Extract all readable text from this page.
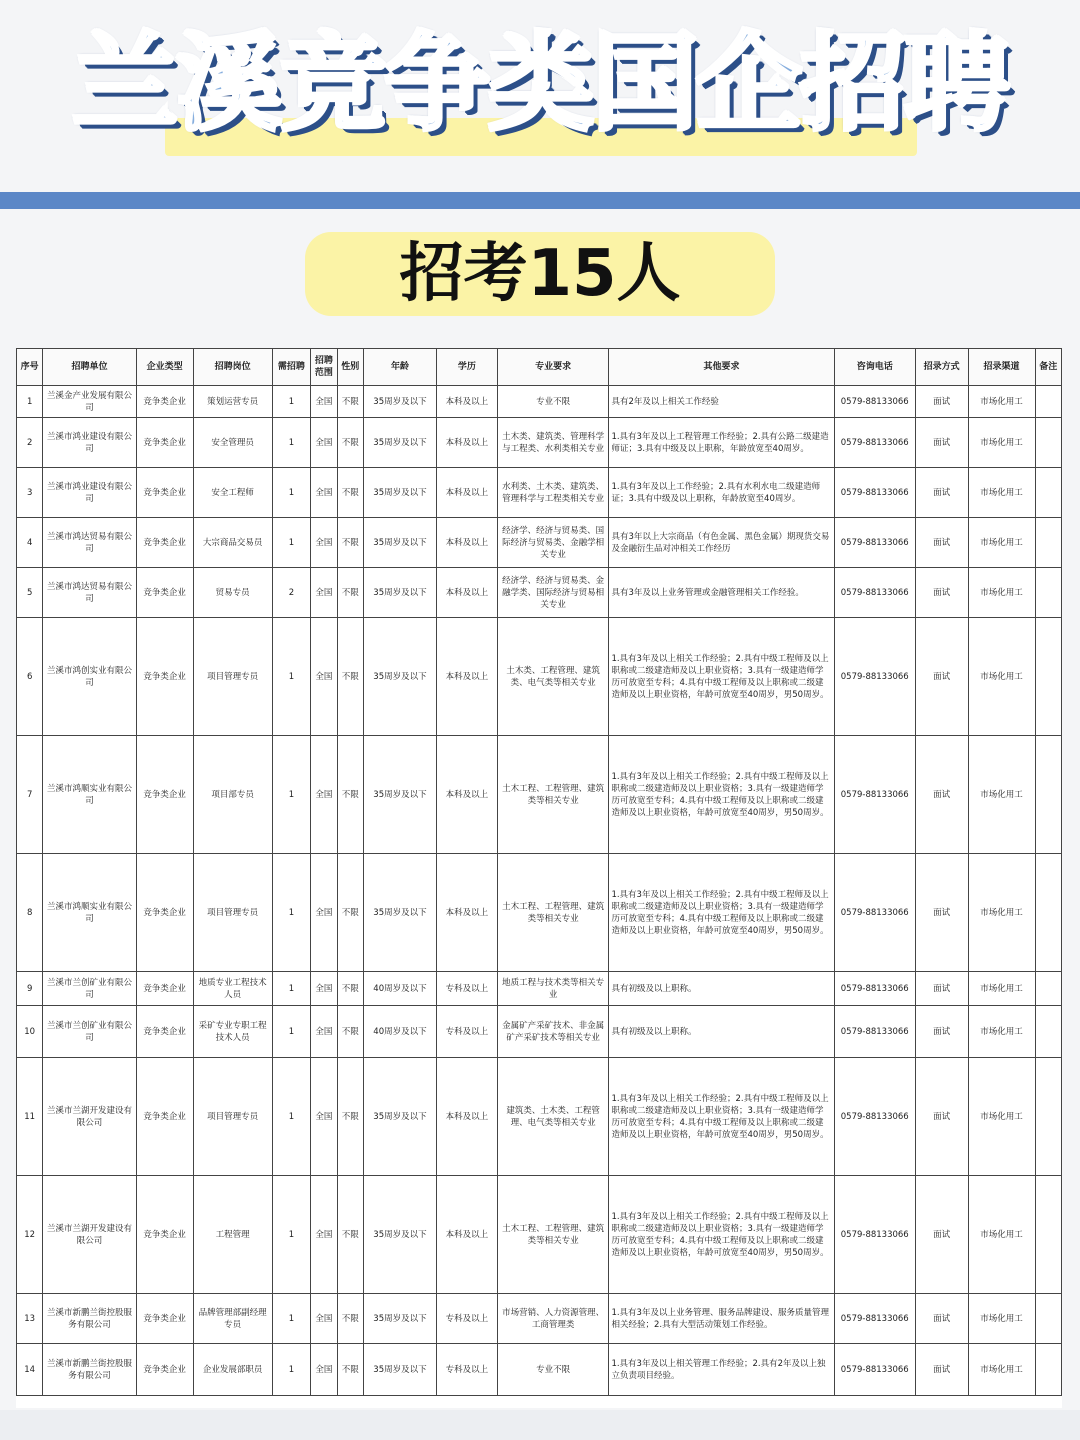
兰溪竞争类国企招聘
招考15人
序号	招聘单位	企业类型	招聘岗位	需招聘	招聘范围	性别	年龄	学历	专业要求	其他要求	咨询电话	招录方式	招录渠道	备注
1	兰溪金产业发展有限公司	竞争类企业	策划运营专员	1	全国	不限	35周岁及以下	本科及以上	专业不限	具有2年及以上相关工作经验	0579-88133066	面试	市场化用工	
2	兰溪市鸿业建设有限公司	竞争类企业	安全管理员	1	全国	不限	35周岁及以下	本科及以上	土木类、建筑类、管理科学与工程类、水利类相关专业	1.具有3年及以上工程管理工作经验；2.具有公路二级建造师证；3.具有中级及以上职称，年龄放宽至40周岁。	0579-88133066	面试	市场化用工	
3	兰溪市鸿业建设有限公司	竞争类企业	安全工程师	1	全国	不限	35周岁及以下	本科及以上	水利类、土木类、建筑类、管理科学与工程类相关专业	1.具有3年及以上工作经验；2.具有水利水电二级建造师证；3.具有中级及以上职称，年龄放宽至40周岁。	0579-88133066	面试	市场化用工	
4	兰溪市鸿达贸易有限公司	竞争类企业	大宗商品交易员	1	全国	不限	35周岁及以下	本科及以上	经济学、经济与贸易类、国际经济与贸易类、金融学相关专业	具有3年以上大宗商品（有色金属、黑色金属）期现货交易及金融衍生品对冲相关工作经历	0579-88133066	面试	市场化用工	
5	兰溪市鸿达贸易有限公司	竞争类企业	贸易专员	2	全国	不限	35周岁及以下	本科及以上	经济学、经济与贸易类、金融学类、国际经济与贸易相关专业	具有3年及以上业务管理或金融管理相关工作经验。	0579-88133066	面试	市场化用工	
6	兰溪市鸿创实业有限公司	竞争类企业	项目管理专员	1	全国	不限	35周岁及以下	本科及以上	土木类、工程管理、建筑类、电气类等相关专业	1.具有3年及以上相关工作经验；2.具有中级工程师及以上职称或二级建造师及以上职业资格；3.具有一级建造师学历可放宽至专科；4.具有中级工程师及以上职称或二级建造师及以上职业资格，年龄可放宽至40周岁，男50周岁。	0579-88133066	面试	市场化用工	
7	兰溪市鸿顺实业有限公司	竞争类企业	项目部专员	1	全国	不限	35周岁及以下	本科及以上	土木工程、工程管理、建筑类等相关专业	1.具有3年及以上相关工作经验；2.具有中级工程师及以上职称或二级建造师及以上职业资格；3.具有一级建造师学历可放宽至专科；4.具有中级工程师及以上职称或二级建造师及以上职业资格，年龄可放宽至40周岁，男50周岁。	0579-88133066	面试	市场化用工	
8	兰溪市鸿顺实业有限公司	竞争类企业	项目管理专员	1	全国	不限	35周岁及以下	本科及以上	土木工程、工程管理、建筑类等相关专业	1.具有3年及以上相关工作经验；2.具有中级工程师及以上职称或二级建造师及以上职业资格；3.具有一级建造师学历可放宽至专科；4.具有中级工程师及以上职称或二级建造师及以上职业资格，年龄可放宽至40周岁，男50周岁。	0579-88133066	面试	市场化用工	
9	兰溪市兰创矿业有限公司	竞争类企业	地质专业工程技术人员	1	全国	不限	40周岁及以下	专科及以上	地质工程与技术类等相关专业	具有初级及以上职称。	0579-88133066	面试	市场化用工	
10	兰溪市兰创矿业有限公司	竞争类企业	采矿专业专职工程技术人员	1	全国	不限	40周岁及以下	专科及以上	金属矿产采矿技术、非金属矿产采矿技术等相关专业	具有初级及以上职称。	0579-88133066	面试	市场化用工	
11	兰溪市兰湖开发建设有限公司	竞争类企业	项目管理专员	1	全国	不限	35周岁及以下	本科及以上	建筑类、土木类、工程管理、电气类等相关专业	1.具有3年及以上相关工作经验；2.具有中级工程师及以上职称或二级建造师及以上职业资格；3.具有一级建造师学历可放宽至专科；4.具有中级工程师及以上职称或二级建造师及以上职业资格，年龄可放宽至40周岁，男50周岁。	0579-88133066	面试	市场化用工	
12	兰溪市兰湖开发建设有限公司	竞争类企业	工程管理	1	全国	不限	35周岁及以下	本科及以上	土木工程、工程管理、建筑类等相关专业	1.具有3年及以上相关工作经验；2.具有中级工程师及以上职称或二级建造师及以上职业资格；3.具有一级建造师学历可放宽至专科；4.具有中级工程师及以上职称或二级建造师及以上职业资格，年龄可放宽至40周岁，男50周岁。	0579-88133066	面试	市场化用工	
13	兰溪市新鹏兰街控股服务有限公司	竞争类企业	品牌管理部副经理专员	1	全国	不限	35周岁及以下	专科及以上	市场营销、人力资源管理、工商管理类	1.具有3年及以上业务管理、服务品牌建设、服务质量管理相关经验；2.具有大型活动策划工作经验。	0579-88133066	面试	市场化用工	
14	兰溪市新鹏兰街控股服务有限公司	竞争类企业	企业发展部职员	1	全国	不限	35周岁及以下	专科及以上	专业不限	1.具有3年及以上相关管理工作经验；2.具有2年及以上独立负责项目经验。	0579-88133066	面试	市场化用工	
